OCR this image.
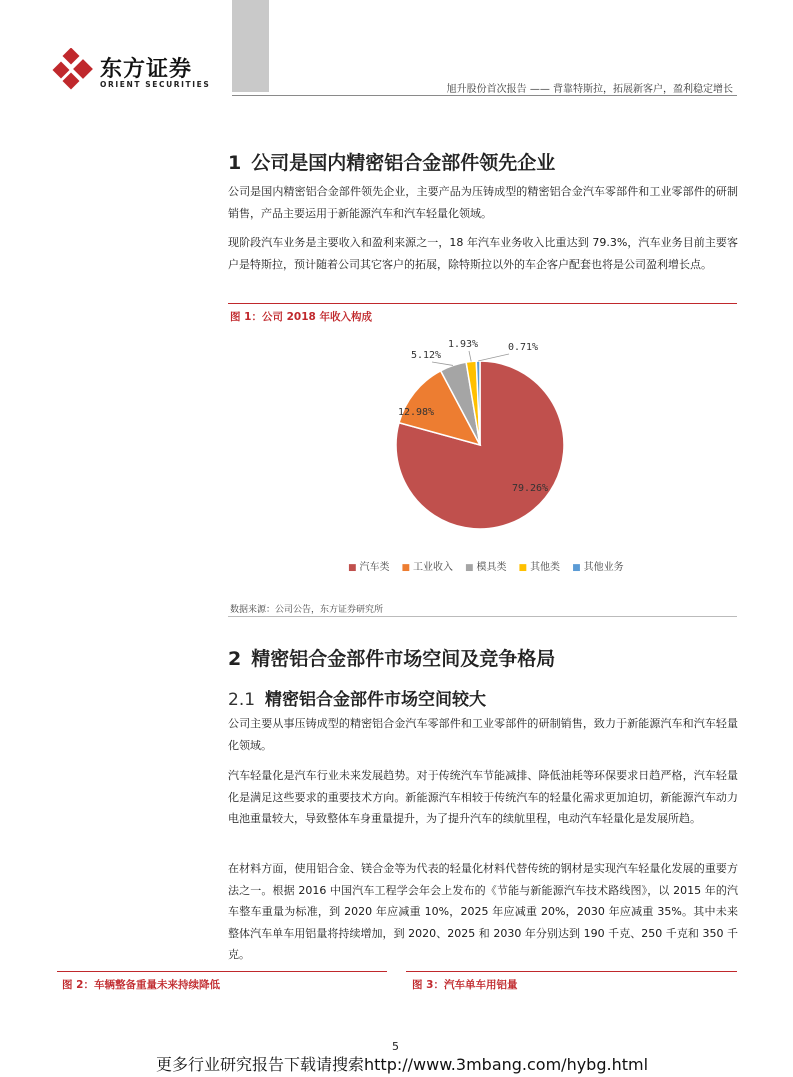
东方证券
ORIENT SECURITIES	旭升股份首次报告 —— 背靠特斯拉，拓展新客户，盈利稳定增长
1 公司是国内精密铝合金部件领先企业
公司是国内精密铝合金部件领先企业，主要产品为压铸成型的精密铝合金汽车零部件和工业零部件的研制销售，产品主要运用于新能源汽车和汽车轻量化领域。
现阶段汽车业务是主要收入和盈利来源之一，18 年汽车业务收入比重达到 79.3%，汽车业务目前主要客户是特斯拉，预计随着公司其它客户的拓展，除特斯拉以外的车企客户配套也将是公司盈利增长点。
图 1：公司 2018 年收入构成
79.26%
12.98%
5.12%
1.93%	0.71%
■ 汽车类 ■ 工业收入 ■ 模具类 ■ 其他类 ■ 其他业务
数据来源：公司公告，东方证券研究所
2 精密铝合金部件市场空间及竞争格局
2.1 精密铝合金部件市场空间较大
公司主要从事压铸成型的精密铝合金汽车零部件和工业零部件的研制销售，致力于新能源汽车和汽车轻量化领域。
汽车轻量化是汽车行业未来发展趋势。对于传统汽车节能减排、降低油耗等环保要求日趋严格，汽车轻量化是满足这些要求的重要技术方向。新能源汽车相较于传统汽车的轻量化需求更加迫切，新能源汽车动力电池重量较大，导致整体车身重量提升，为了提升汽车的续航里程，电动汽车轻量化是发展所趋。
在材料方面，使用铝合金、镁合金等为代表的轻量化材料代替传统的钢材是实现汽车轻量化发展的重要方法之一。根据 2016 中国汽车工程学会年会上发布的《节能与新能源汽车技术路线图》，以 2015 年的汽车整车重量为标准，到 2020 年应减重 10%，2025 年应减重 20%，2030 年应减重 35%。其中未来整体汽车单车用铝量将持续增加，到 2020、2025 和 2030 年分别达到 190 千克、250 千克和 350 千克。
图 2：车辆整备重量未来持续降低	图 3：汽车单车用铝量
5
更多行业研究报告下载请搜索http://www.3mbang.com/hybg.html
